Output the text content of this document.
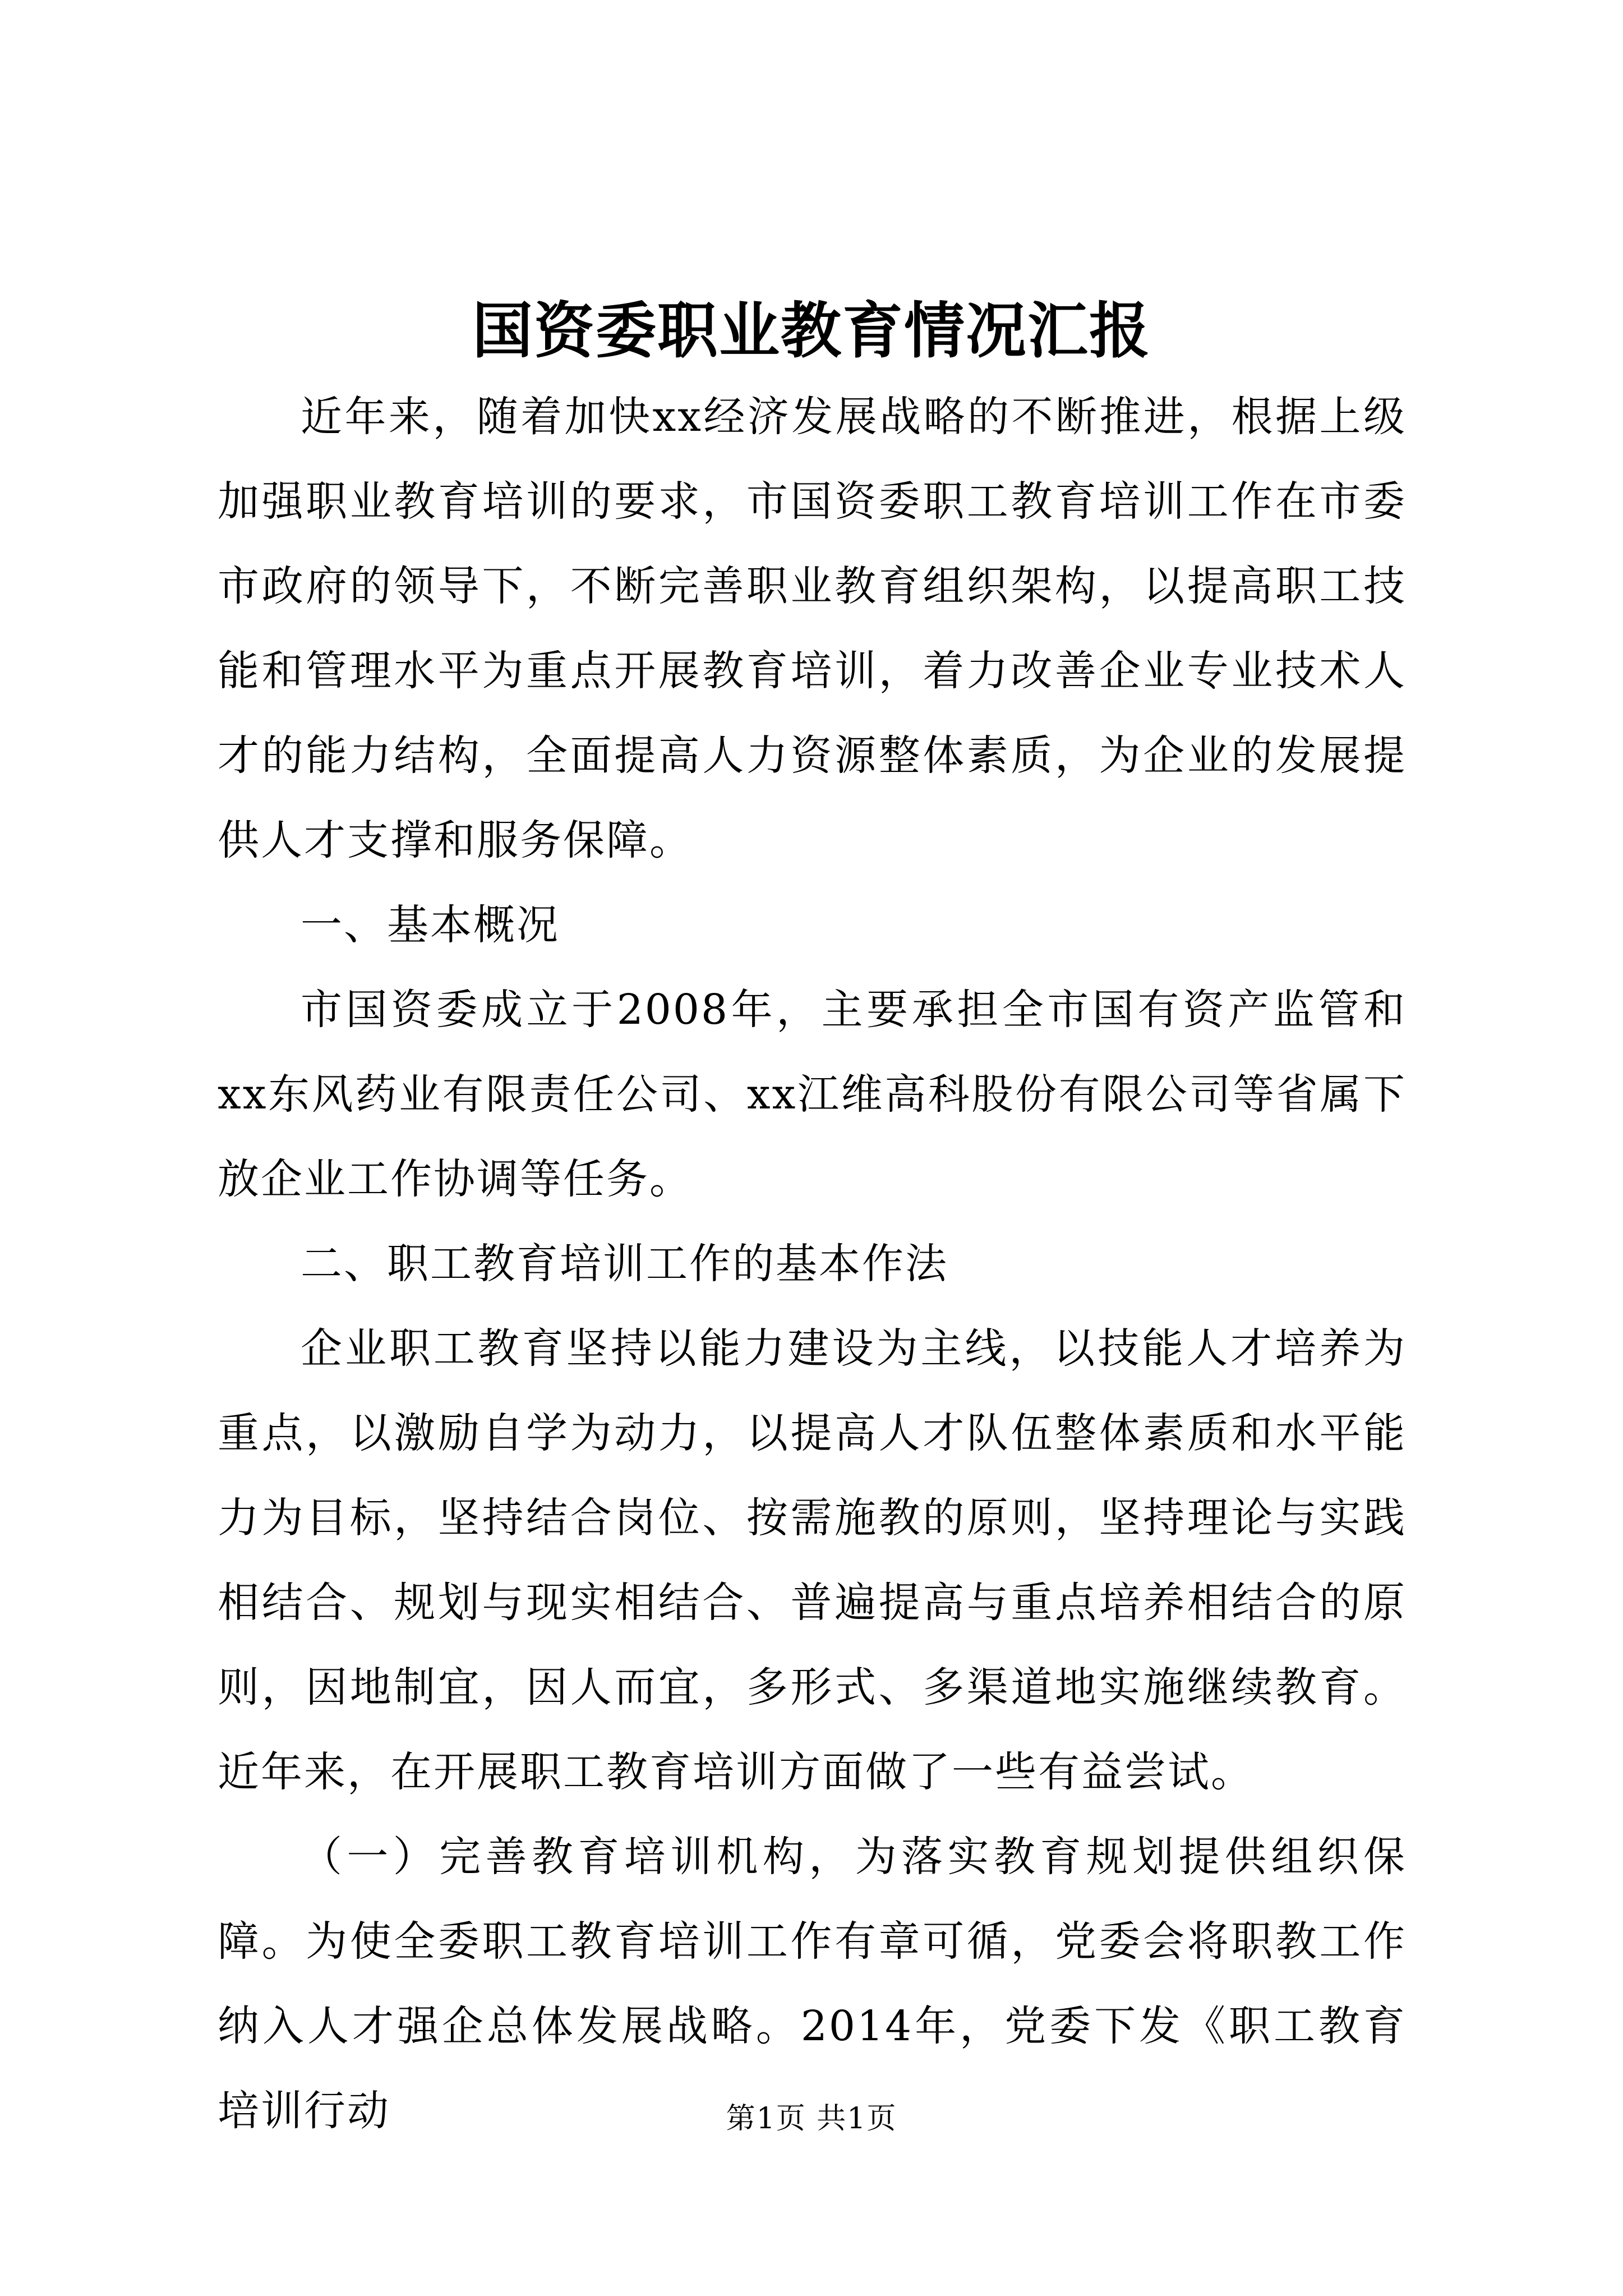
国资委职业教育情况汇报

近年来，随着加快xx经济发展战略的不断推进，根据上级加强职业教育培训的要求，市国资委职工教育培训工作在市委市政府的领导下，不断完善职业教育组织架构，以提高职工技能和管理水平为重点开展教育培训，着力改善企业专业技术人才的能力结构，全面提高人力资源整体素质，为企业的发展提供人才支撑和服务保障。

一、基本概况

市国资委成立于2008年，主要承担全市国有资产监管和xx东风药业有限责任公司、xx江维高科股份有限公司等省属下放企业工作协调等任务。

二、职工教育培训工作的基本作法

企业职工教育坚持以能力建设为主线，以技能人才培养为重点，以激励自学为动力，以提高人才队伍整体素质和水平能力为目标，坚持结合岗位、按需施教的原则，坚持理论与实践相结合、规划与现实相结合、普遍提高与重点培养相结合的原则，因地制宜，因人而宜，多形式、多渠道地实施继续教育。近年来，在开展职工教育培训方面做了一些有益尝试。

（一）完善教育培训机构，为落实教育规划提供组织保障。为使全委职工教育培训工作有章可循，党委会将职教工作纳入人才强企总体发展战略。2014年，党委下发《职工教育培训行动	第1页 共1页
